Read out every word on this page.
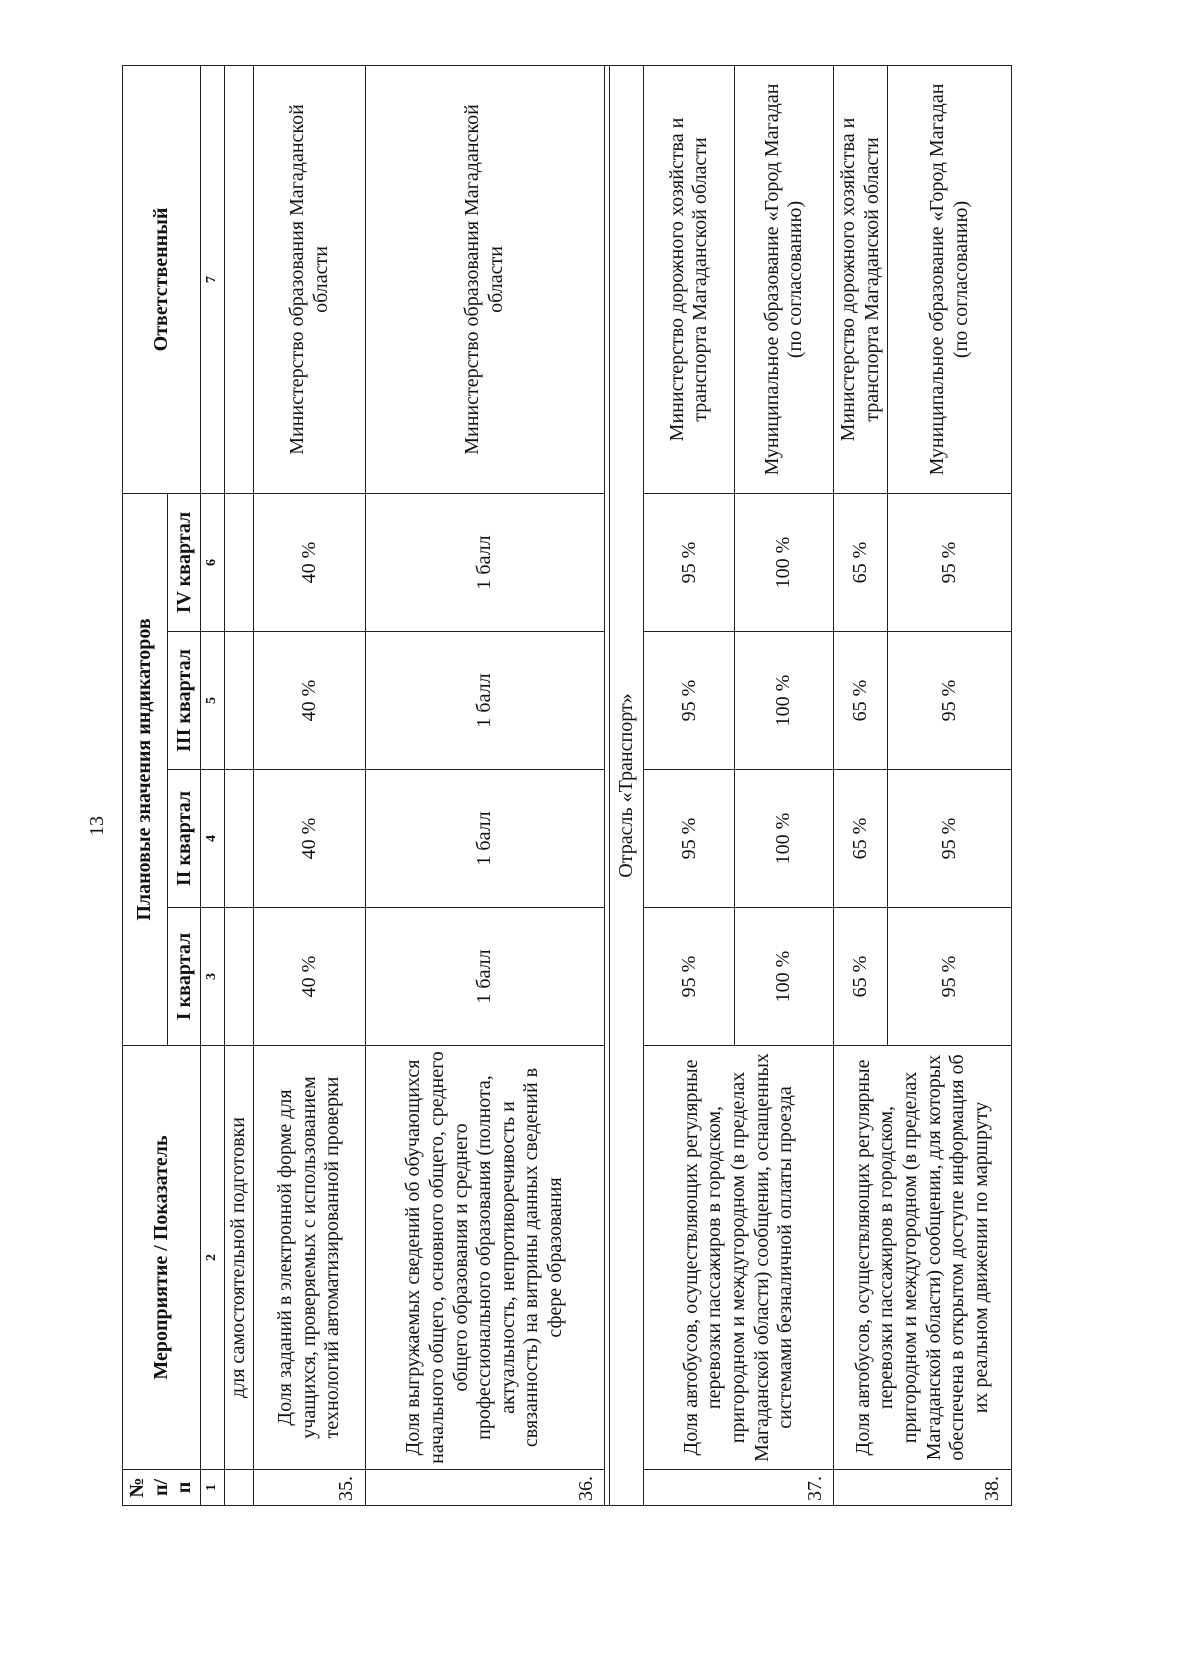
13
№ п/п	Мероприятие / Показатель	Плановые значения индикаторов				Ответственный
		I квартал	II квартал	III квартал	IV квартал	
1	2	3	4	5	6	7
	для самостоятельной подготовки					
35.	Доля заданий в электронной форме для учащихся, проверяемых с использованием технологий автоматизированной проверки	40 %	40 %	40 %	40 %	Министерство образования Магаданской области
36.	Доля выгружаемых сведений об обучающихся начального общего, основного общего, среднего общего образования и среднего профессионального образования (полнота, актуальность, непротиворечивость и связанность) на витрины данных сведений в сфере образования	1 балл	1 балл	1 балл	1 балл	Министерство образования Магаданской области

Отрасль «Транспорт»						
37.	Доля автобусов, осуществляющих регулярные перевозки пассажиров в городском, пригородном и междугородном (в пределах Магаданской области) сообщении, оснащенных системами безналичной оплаты проезда	95 %	95 %	95 %	95 %	Министерство дорожного хозяйства и транспорта Магаданской области
		100 %	100 %	100 %	100 %	Муниципальное образование «Город Магадан (по согласованию)
38.	Доля автобусов, осуществляющих регулярные перевозки пассажиров в городском, пригородном и междугородном (в пределах Магаданской области) сообщении, для которых обеспечена в открытом доступе информация об их реальном движении по маршруту	65 %	65 %	65 %	65 %	Министерство дорожного хозяйства и транспорта Магаданской области
		95 %	95 %	95 %	95 %	Муниципальное образование «Город Магадан (по согласованию)
